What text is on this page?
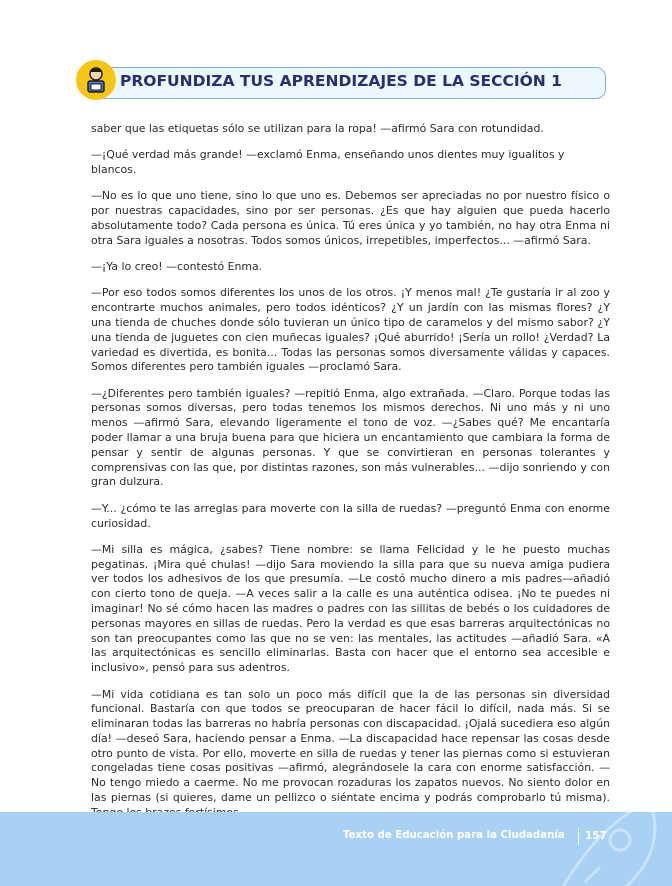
PROFUNDIZA TUS APRENDIZAJES DE LA SECCIÓN 1

saber que las etiquetas sólo se utilizan para la ropa! —afirmó Sara con rotundidad.

—¡Qué verdad más grande! —exclamó Enma, enseñando unos dientes muy igualitos y blancos.

—No es lo que uno tiene, sino lo que uno es. Debemos ser apreciadas no por nuestro físico o por nuestras capacidades, sino por ser personas. ¿Es que hay alguien que pueda hacerlo absolutamente todo? Cada persona es única. Tú eres única y yo también, no hay otra Enma ni otra Sara iguales a nosotras. Todos somos únicos, irrepetibles, imperfectos... —afirmó Sara.

—¡Ya lo creo! —contestó Enma.

—Por eso todos somos diferentes los unos de los otros. ¡Y menos mal! ¿Te gustaría ir al zoo y encontrarte muchos animales, pero todos idénticos? ¿Y un jardín con las mismas flores? ¿Y una tienda de chuches donde sólo tuvieran un único tipo de caramelos y del mismo sabor? ¿Y una tienda de juguetes con cien muñecas iguales? ¡Qué aburrido! ¡Sería un rollo! ¿Verdad? La variedad es divertida, es bonita... Todas las personas somos diversamente válidas y capaces. Somos diferentes pero también iguales —proclamó Sara.

—¿Diferentes pero también iguales? —repitió Enma, algo extrañada. —Claro. Porque todas las personas somos diversas, pero todas tenemos los mismos derechos. Ni uno más y ni uno menos —afirmó Sara, elevando ligeramente el tono de voz. —¿Sabes qué? Me encantaría poder llamar a una bruja buena para que hiciera un encantamiento que cambiara la forma de pensar y sentir de algunas personas. Y que se convirtieran en personas tolerantes y comprensivas con las que, por distintas razones, son más vulnerables... —dijo sonriendo y con gran dulzura.

—Y... ¿cómo te las arreglas para moverte con la silla de ruedas? —preguntó Enma con enorme curiosidad.

—Mi silla es mágica, ¿sabes? Tiene nombre: se llama Felicidad y le he puesto muchas pegatinas. ¡Mira qué chulas! —dijo Sara moviendo la silla para que su nueva amiga pudiera ver todos los adhesivos de los que presumía. —Le costó mucho dinero a mis padres—añadió con cierto tono de queja. —A veces salir a la calle es una auténtica odisea. ¡No te puedes ni imaginar! No sé cómo hacen las madres o padres con las sillitas de bebés o los cuidadores de personas mayores en sillas de ruedas. Pero la verdad es que esas barreras arquitectónicas no son tan preocupantes como las que no se ven: las mentales, las actitudes —añadió Sara. «A las arquitectónicas es sencillo eliminarlas. Basta con hacer que el entorno sea accesible e inclusivo», pensó para sus adentros.

—Mi vida cotidiana es tan solo un poco más difícil que la de las personas sin diversidad funcional. Bastaría con que todos se preocuparan de hacer fácil lo difícil, nada más. Si se eliminaran todas las barreras no habría personas con discapacidad. ¡Ojalá sucediera eso algún día! —deseó Sara, haciendo pensar a Enma. —La discapacidad hace repensar las cosas desde otro punto de vista. Por ello, moverte en silla de ruedas y tener las piernas como si estuvieran congeladas tiene cosas positivas —afirmó, alegrándosele la cara con enorme satisfacción. —No tengo miedo a caerme. No me provocan rozaduras los zapatos nuevos. No siento dolor en las piernas (si quieres, dame un pellizco o siéntate encima y podrás comprobarlo tú misma).

Texto de Educación para la Ciudadanía 157
